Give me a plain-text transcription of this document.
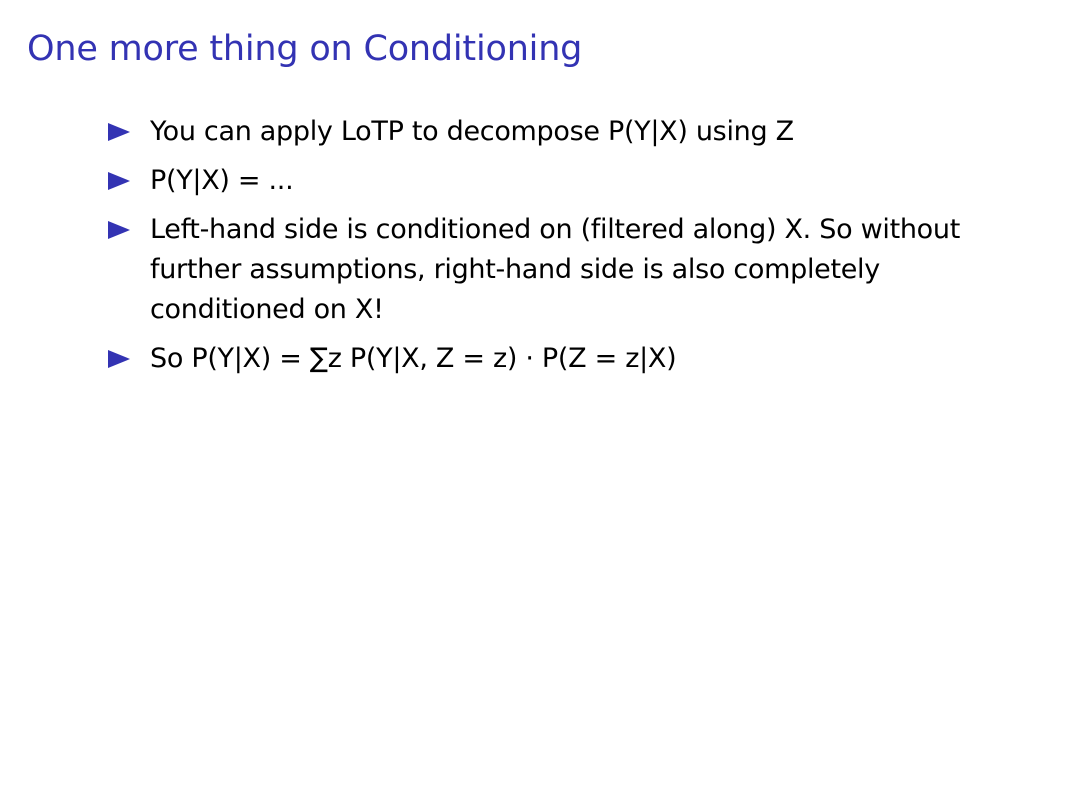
One more thing on Conditioning
You can apply LoTP to decompose P(Y|X) using Z
P(Y|X) = ...
Left-hand side is conditioned on (filtered along) X. So without further assumptions, right-hand side is also completely conditioned on X!
So P(Y|X) = ∑z P(Y|X, Z = z) · P(Z = z|X)
